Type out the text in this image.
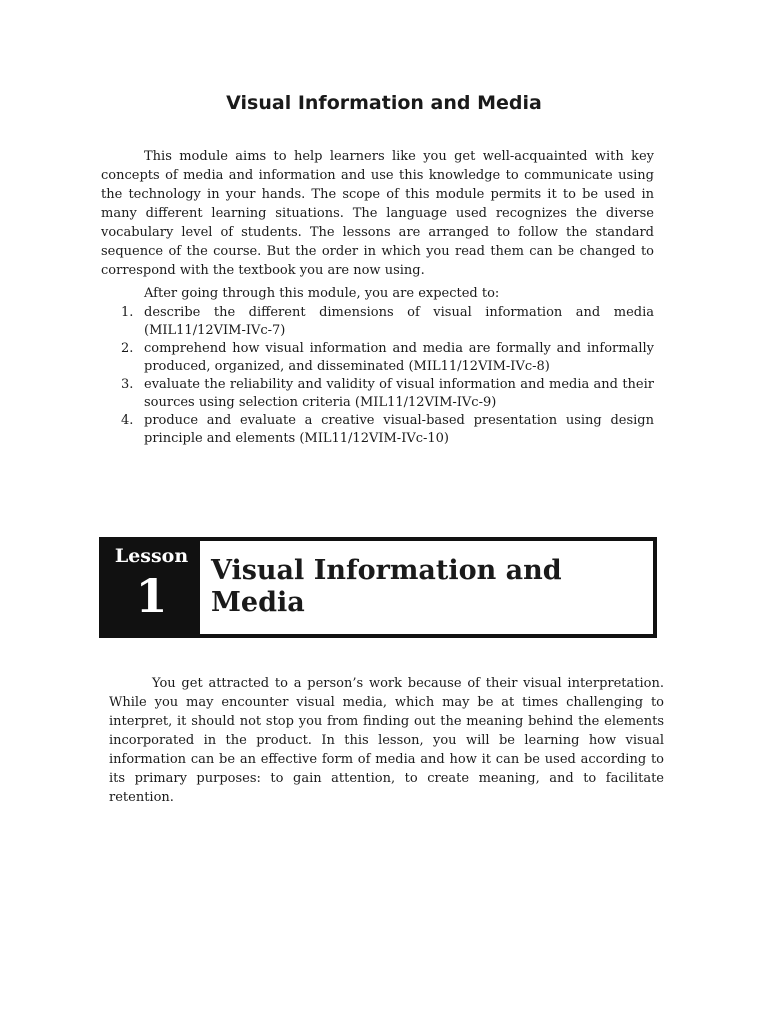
Visual Information and Media

This module aims to help learners like you get well-acquainted with key concepts of media and information and use this knowledge to communicate using the technology in your hands. The scope of this module permits it to be used in many different learning situations. The language used recognizes the diverse vocabulary level of students. The lessons are arranged to follow the standard sequence of the course. But the order in which you read them can be changed to correspond with the textbook you are now using.

After going through this module, you are expected to:

1. describe the different dimensions of visual information and media (MIL11/12VIM-IVc-7)
2. comprehend how visual information and media are formally and informally produced, organized, and disseminated (MIL11/12VIM-IVc-8)
3. evaluate the reliability and validity of visual information and media and their sources using selection criteria (MIL11/12VIM-IVc-9)
4. produce and evaluate a creative visual-based presentation using design principle and elements (MIL11/12VIM-IVc-10)
Lesson
1	Visual Information and Media

You get attracted to a person’s work because of their visual interpretation. While you may encounter visual media, which may be at times challenging to interpret, it should not stop you from finding out the meaning behind the elements incorporated in the product. In this lesson, you will be learning how visual information can be an effective form of media and how it can be used according to its primary purposes: to gain attention, to create meaning, and to facilitate retention.
